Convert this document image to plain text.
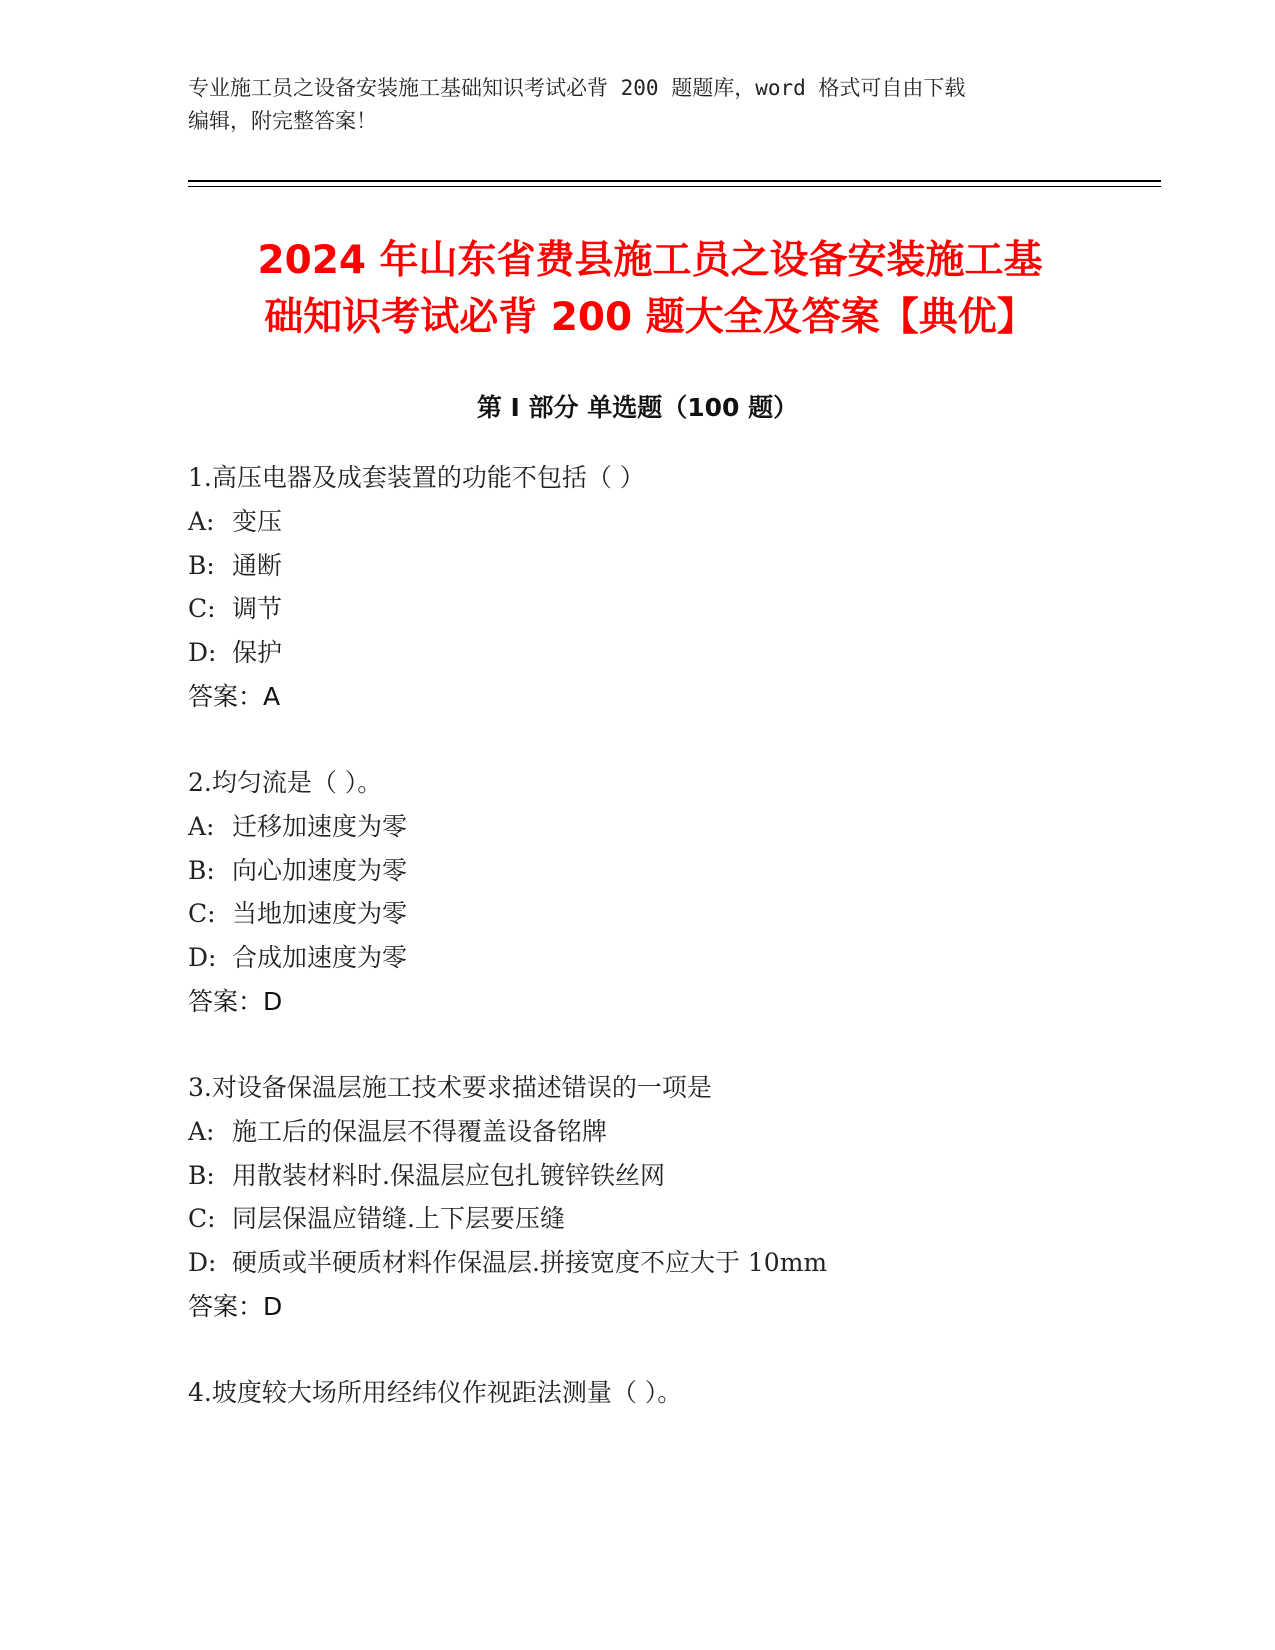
专业施工员之设备安装施工基础知识考试必背 200 题题库，word 格式可自由下载
编辑，附完整答案！
2024 年山东省费县施工员之设备安装施工基
础知识考试必背 200 题大全及答案【典优】
第 I 部分 单选题（100 题）
1.高压电器及成套装置的功能不包括（ ）
A: 变压
B: 通断
C: 调节
D: 保护
答案：A
2.均匀流是（ ）。
A: 迁移加速度为零
B: 向心加速度为零
C: 当地加速度为零
D: 合成加速度为零
答案：D
3.对设备保温层施工技术要求描述错误的一项是
A: 施工后的保温层不得覆盖设备铭牌
B: 用散装材料时.保温层应包扎镀锌铁丝网
C: 同层保温应错缝.上下层要压缝
D: 硬质或半硬质材料作保温层.拼接宽度不应大于 10mm
答案：D
4.坡度较大场所用经纬仪作视距法测量（ ）。
